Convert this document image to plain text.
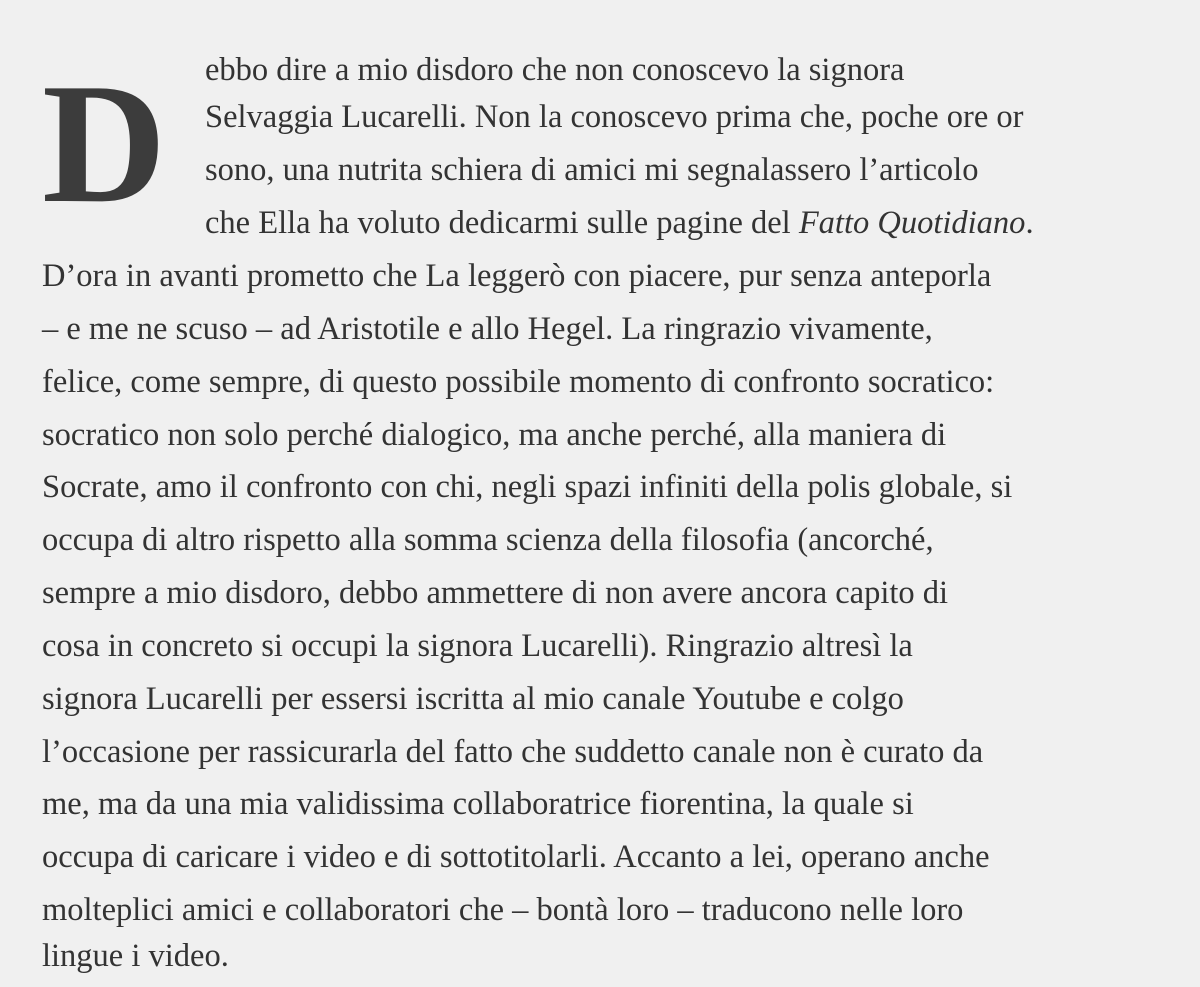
D ebbo dire a mio disdoro che non conoscevo la signora
Selvaggia Lucarelli. Non la conoscevo prima che, poche ore or
sono, una nutrita schiera di amici mi segnalassero l’articolo
che Ella ha voluto dedicarmi sulle pagine del Fatto Quotidiano.
D’ora in avanti prometto che La leggerò con piacere, pur senza anteporla
– e me ne scuso – ad Aristotile e allo Hegel. La ringrazio vivamente,
felice, come sempre, di questo possibile momento di confronto socratico:
socratico non solo perché dialogico, ma anche perché, alla maniera di
Socrate, amo il confronto con chi, negli spazi infiniti della polis globale, si
occupa di altro rispetto alla somma scienza della filosofia (ancorché,
sempre a mio disdoro, debbo ammettere di non avere ancora capito di
cosa in concreto si occupi la signora Lucarelli). Ringrazio altresì la
signora Lucarelli per essersi iscritta al mio canale Youtube e colgo
l’occasione per rassicurarla del fatto che suddetto canale non è curato da
me, ma da una mia validissima collaboratrice fiorentina, la quale si
occupa di caricare i video e di sottotitolarli. Accanto a lei, operano anche
molteplici amici e collaboratori che – bontà loro – traducono nelle loro
lingue i video.
